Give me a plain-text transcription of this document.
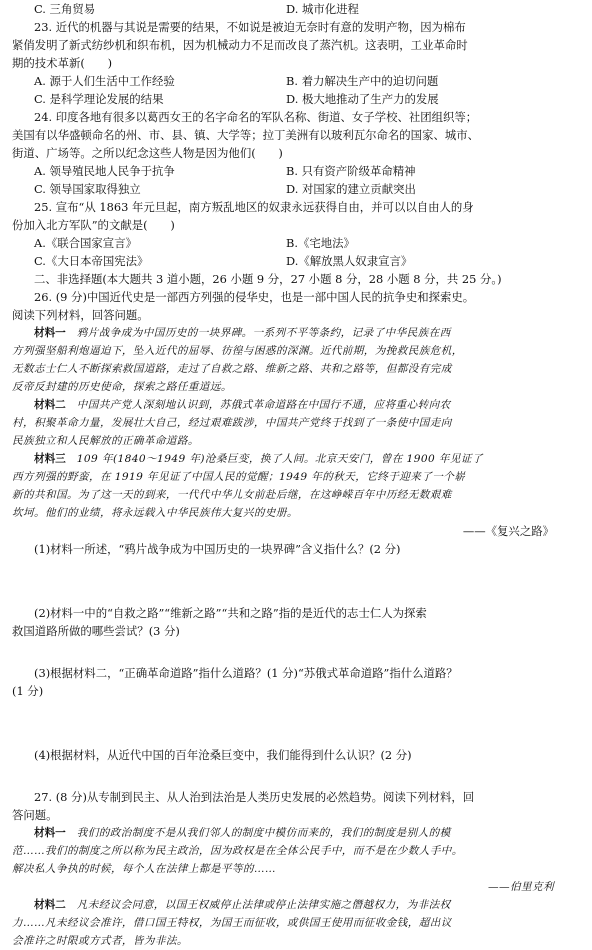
C. 三角贸易	D. 城市化进程
23. 近代的机器与其说是需要的结果，不如说是被迫无奈时有意的发明产物，因为棉布
紧俏发明了新式纺纱机和织布机，因为机械动力不足而改良了蒸汽机。这表明，工业革命时
期的技术革新(　　)
A. 源于人们生活中工作经验	B. 着力解决生产中的迫切问题
C. 是科学理论发展的结果	D. 极大地推动了生产力的发展
24. 印度各地有很多以葛西女王的名字命名的军队名称、街道、女子学校、社团组织等；
美国有以华盛顿命名的州、市、县、镇、大学等；拉丁美洲有以玻利瓦尔命名的国家、城市、
街道、广场等。之所以纪念这些人物是因为他们(　　)
A. 领导殖民地人民争于抗争	B. 只有资产阶级革命精神
C. 领导国家取得独立	D. 对国家的建立贡献突出
25. 宣布“从 1863 年元旦起，南方叛乱地区的奴隶永远获得自由，并可以以自由人的身
份加入北方军队”的文献是(　　)
A.《联合国家宣言》	B.《宅地法》
C.《大日本帝国宪法》	D.《解放黑人奴隶宣言》
二、非选择题(本大题共 3 道小题，26 小题 9 分，27 小题 8 分，28 小题 8 分，共 25 分。)
26. (9 分)中国近代史是一部西方列强的侵华史，也是一部中国人民的抗争史和探索史。
阅读下列材料，回答问题。
材料一　 鸦片战争成为中国历史的一块界碑。一系列不平等条约，记录了中华民族在西
方列强坚船利炮逼迫下，坠入近代的屈辱、彷徨与困惑的深渊。近代前期，为挽救民族危机，
无数志士仁人不断探索救国道路，走过了自救之路、维新之路、共和之路等，但都没有完成
反帝反封建的历史使命，探索之路任重道远。
材料二　 中国共产党人深刻地认识到，苏俄式革命道路在中国行不通，应将重心转向农
村，积聚革命力量，发展壮大自己，经过艰难跋涉，中国共产党终于找到了一条使中国走向
民族独立和人民解放的正确革命道路。
材料三　 109 年(1840～1949 年)沧桑巨变，换了人间。北京天安门，曾在 1900 年见证了
西方列强的野蛮，在 1919 年见证了中国人民的觉醒；1949 年的秋天，它终于迎来了一个崭
新的共和国。为了这一天的到来，一代代中华儿女前赴后继，在这峥嵘百年中历经无数艰难
坎坷。他们的业绩，将永远载入中华民族伟大复兴的史册。
——《复兴之路》
(1)材料一所述，“鸦片战争成为中国历史的一块界碑”含义指什么？(2 分)
(2)材料一中的“自救之路”“维新之路”“共和之路”指的是近代的志士仁人为探索
救国道路所做的哪些尝试？(3 分)
(3)根据材料二，“正确革命道路”指什么道路？(1 分)“苏俄式革命道路”指什么道路？
(1 分)
(4)根据材料，从近代中国的百年沧桑巨变中，我们能得到什么认识？(2 分)
27. (8 分)从专制到民主、从人治到法治是人类历史发展的必然趋势。阅读下列材料，回
答问题。
材料一　 我们的政治制度不是从我们邻人的制度中模仿而来的，我们的制度是别人的模
范……我们的制度之所以称为民主政治，因为政权是在全体公民手中，而不是在少数人手中。
解决私人争执的时候，每个人在法律上都是平等的……
——伯里克利
材料二　 凡未经议会同意，以国王权威停止法律或停止法律实施之僭越权力，为非法权
力……凡未经议会准许，借口国王特权，为国王而征收，或供国王使用而征收金钱，超出议
会准许之时限或方式者，皆为非法。
